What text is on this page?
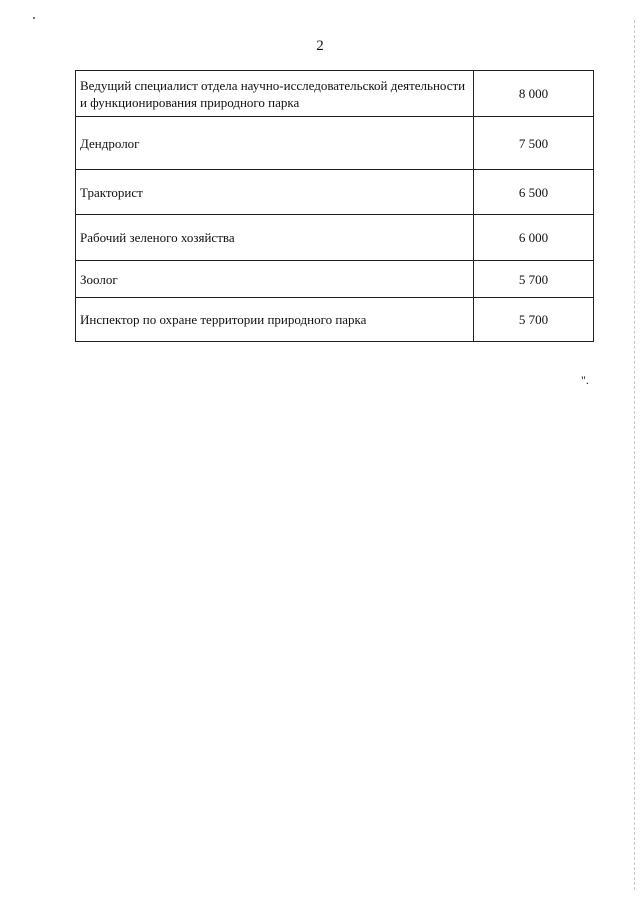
2
Ведущий специалист отдела научно-исследовательской деятельности и функционирования природного парка	8 000
Дендролог	7 500
Тракторист	6 500
Рабочий зеленого хозяйства	6 000
Зоолог	5 700
Инспектор по охране территории природного парка	5 700
".
